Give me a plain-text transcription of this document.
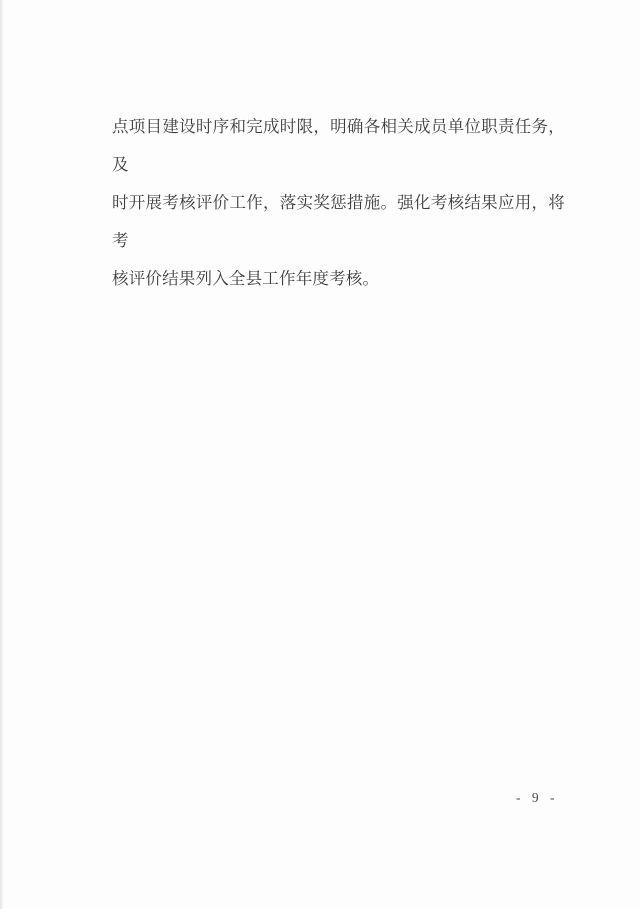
点项目建设时序和完成时限，明确各相关成员单位职责任务，及
时开展考核评价工作，落实奖惩措施。强化考核结果应用，将考
核评价结果列入全县工作年度考核。
- 9 -
